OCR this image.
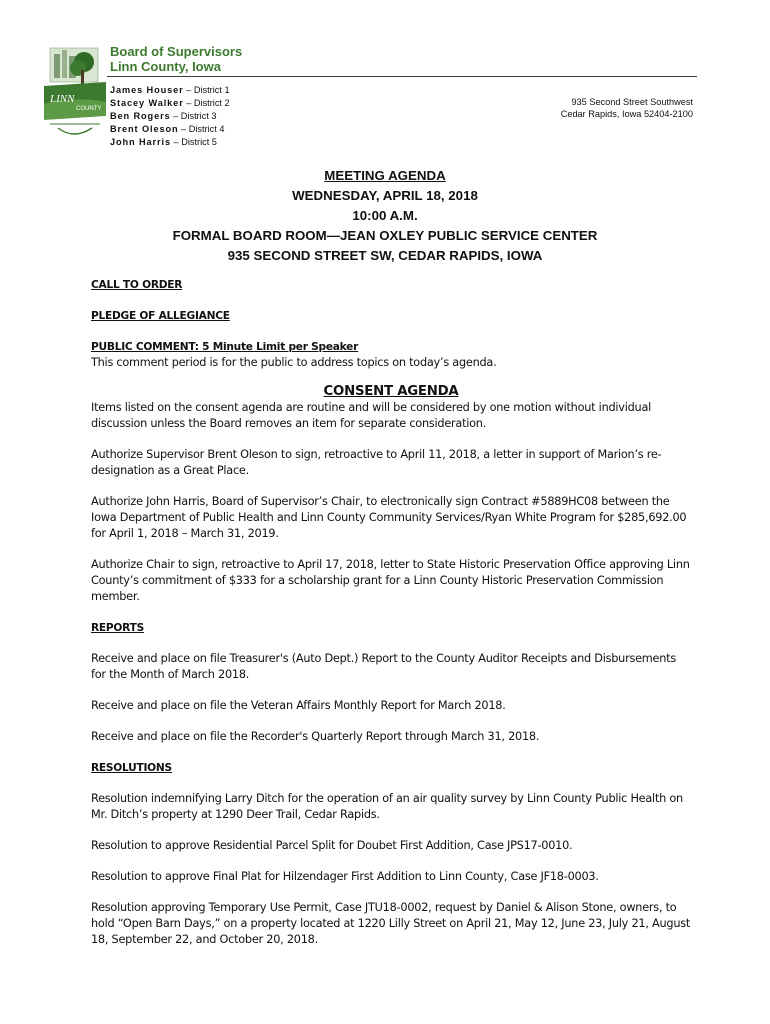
LINN
COUNTY
Board of Supervisors
Linn County, Iowa
James Houser – District 1
Stacey Walker – District 2
Ben Rogers – District 3
Brent Oleson – District 4
John Harris – District 5
935 Second Street Southwest
Cedar Rapids, Iowa 52404-2100
MEETING AGENDA
WEDNESDAY, APRIL 18, 2018
10:00 A.M.
FORMAL BOARD ROOM—JEAN OXLEY PUBLIC SERVICE CENTER
935 SECOND STREET SW, CEDAR RAPIDS, IOWA

CALL TO ORDER

PLEDGE OF ALLEGIANCE

PUBLIC COMMENT: 5 Minute Limit per Speaker

This comment period is for the public to address topics on today’s agenda.

CONSENT AGENDA

Items listed on the consent agenda are routine and will be considered by one motion without individual discussion unless the Board removes an item for separate consideration.

Authorize Supervisor Brent Oleson to sign, retroactive to April 11, 2018, a letter in support of Marion’s re-designation as a Great Place.

Authorize John Harris, Board of Supervisor’s Chair, to electronically sign Contract #5889HC08 between the Iowa Department of Public Health and Linn County Community Services/Ryan White Program for $285,692.00 for April 1, 2018 – March 31, 2019.

Authorize Chair to sign, retroactive to April 17, 2018, letter to State Historic Preservation Office approving Linn County’s commitment of $333 for a scholarship grant for a Linn County Historic Preservation Commission member.

REPORTS

Receive and place on file Treasurer's (Auto Dept.) Report to the County Auditor Receipts and Disbursements for the Month of March 2018.

Receive and place on file the Veteran Affairs Monthly Report for March 2018.

Receive and place on file the Recorder's Quarterly Report through March 31, 2018.

RESOLUTIONS

Resolution indemnifying Larry Ditch for the operation of an air quality survey by Linn County Public Health on Mr. Ditch’s property at 1290 Deer Trail, Cedar Rapids.

Resolution to approve Residential Parcel Split for Doubet First Addition, Case JPS17-0010.

Resolution to approve Final Plat for Hilzendager First Addition to Linn County, Case JF18-0003.

Resolution approving Temporary Use Permit, Case JTU18-0002, request by Daniel & Alison Stone, owners, to hold “Open Barn Days,” on a property located at 1220 Lilly Street on April 21, May 12, June 23, July 21, August 18, September 22, and October 20, 2018.
